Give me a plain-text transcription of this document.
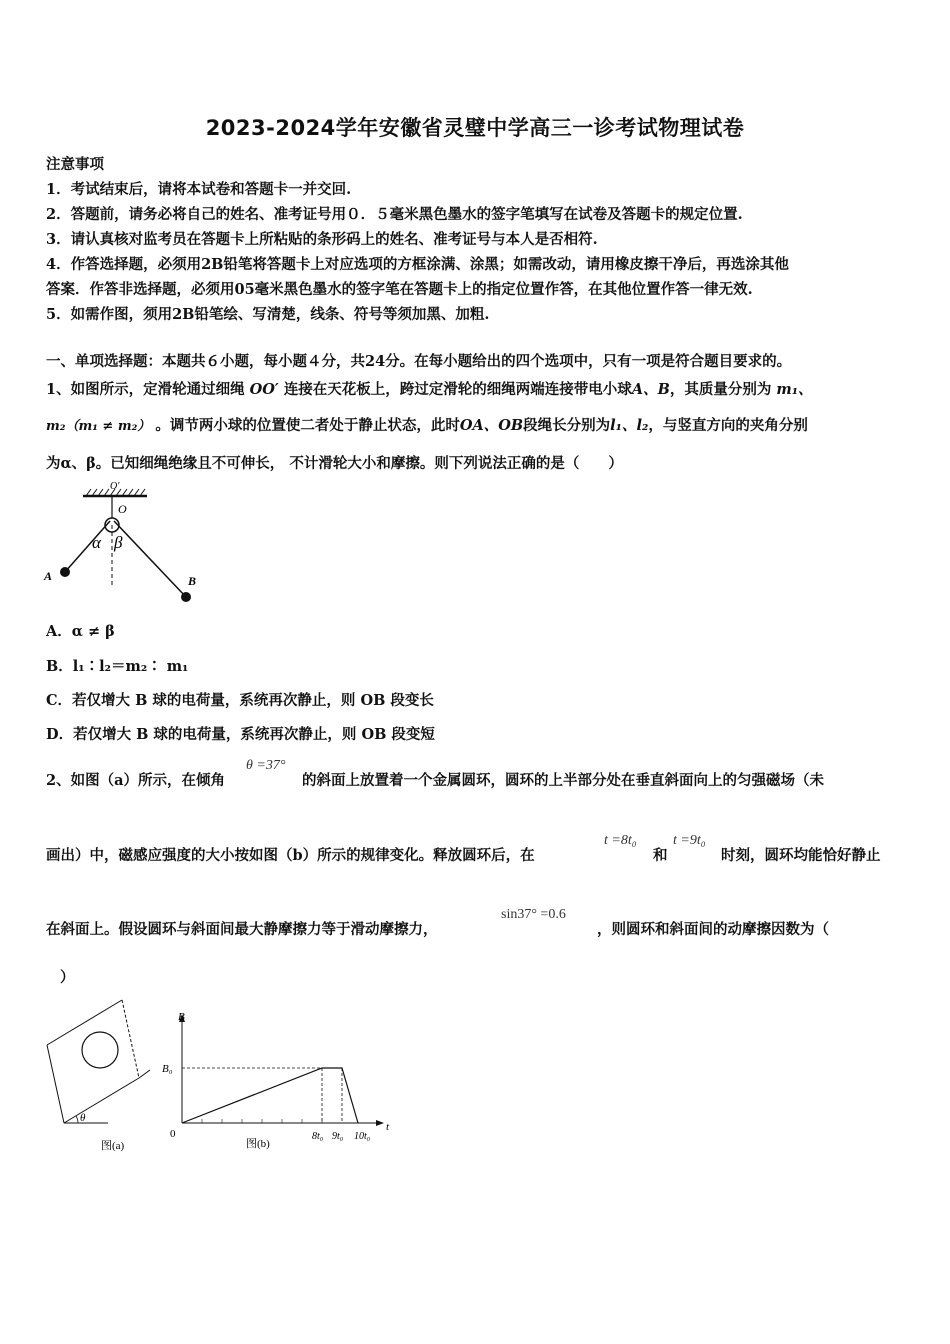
2023-2024学年安徽省灵璧中学高三一诊考试物理试卷
注意事项
1．考试结束后，请将本试卷和答题卡一并交回.
2．答题前，请务必将自己的姓名、准考证号用０．５毫米黑色墨水的签字笔填写在试卷及答题卡的规定位置.
3．请认真核对监考员在答题卡上所粘贴的条形码上的姓名、准考证号与本人是否相符.
4．作答选择题，必须用2B铅笔将答题卡上对应选项的方框涂满、涂黑；如需改动，请用橡皮擦干净后，再选涂其他
答案．作答非选择题，必须用05毫米黑色墨水的签字笔在答题卡上的指定位置作答，在其他位置作答一律无效.
5．如需作图，须用2B铅笔绘、写清楚，线条、符号等须加黑、加粗.
一、单项选择题：本题共６小题，每小题４分，共24分。在每小题给出的四个选项中，只有一项是符合题目要求的。
1、如图所示，定滑轮通过细绳 OO′ 连接在天花板上，跨过定滑轮的细绳两端连接带电小球A、B，其质量分别为 m₁、
m₂（m₁ ≠ m₂） 。调节两小球的位置使二者处于静止状态，此时OA、OB段绳长分别为l₁、l₂，与竖直方向的夹角分别
为α、β。已知细绳绝缘且不可伸长， 不计滑轮大小和摩擦。则下列说法正确的是（　　）
O′
O
α β
A	B
A．α ≠ β
B．l₁∶l₂＝m₂∶ m₁
C．若仅增大 B 球的电荷量，系统再次静止，则 OB 段变长
D．若仅增大 B 球的电荷量，系统再次静止，则 OB 段变短
2、如图（a）所示，在倾角
θ =37°
的斜面上放置着一个金属圆环，圆环的上半部分处在垂直斜面向上的匀强磁场（未
画出）中，磁感应强度的大小按如图（b）所示的规律变化。释放圆环后，在
t =8t₀
和
t =9t₀
时刻，圆环均能恰好静止
在斜面上。假设圆环与斜面间最大静摩擦力等于滑动摩擦力，
sin37° =0.6
，则圆环和斜面间的动摩擦因数为（
）
θ
图(a)
B
t
B₀
0	8t₀ 9t₀ 10t₀
图(b)
